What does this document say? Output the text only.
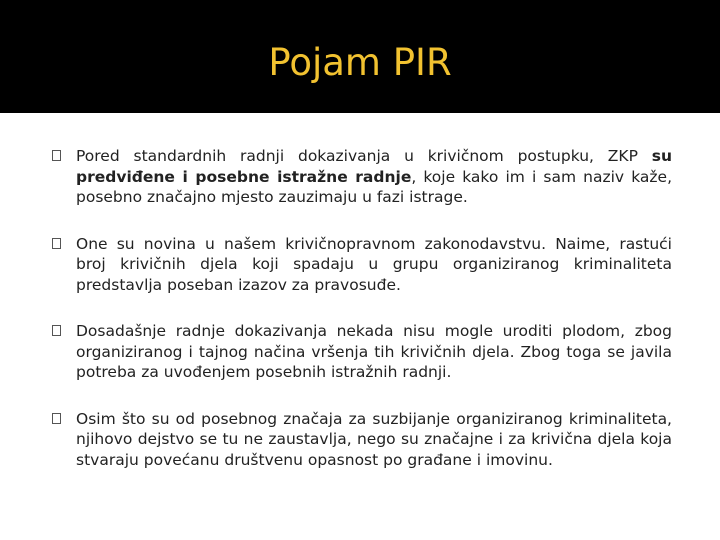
Pojam PIR
Pored standardnih radnji dokazivanja u krivičnom postupku, ZKP su predviđene i posebne istražne radnje, koje kako im i sam naziv kaže, posebno značajno mjesto zauzimaju u fazi istrage.
One su novina u našem krivičnopravnom zakonodavstvu. Naime, rastući broj krivičnih djela koji spadaju u grupu organiziranog kriminaliteta predstavlja poseban izazov za pravosuđe.
Dosadašnje radnje dokazivanja nekada nisu mogle uroditi plodom, zbog organiziranog i tajnog načina vršenja tih krivičnih djela. Zbog toga se javila potreba za uvođenjem posebnih istražnih radnji.
Osim što su od posebnog značaja za suzbijanje organiziranog kriminaliteta, njihovo dejstvo se tu ne zaustavlja, nego su značajne i za krivična djela koja stvaraju povećanu društvenu opasnost po građane i imovinu.
